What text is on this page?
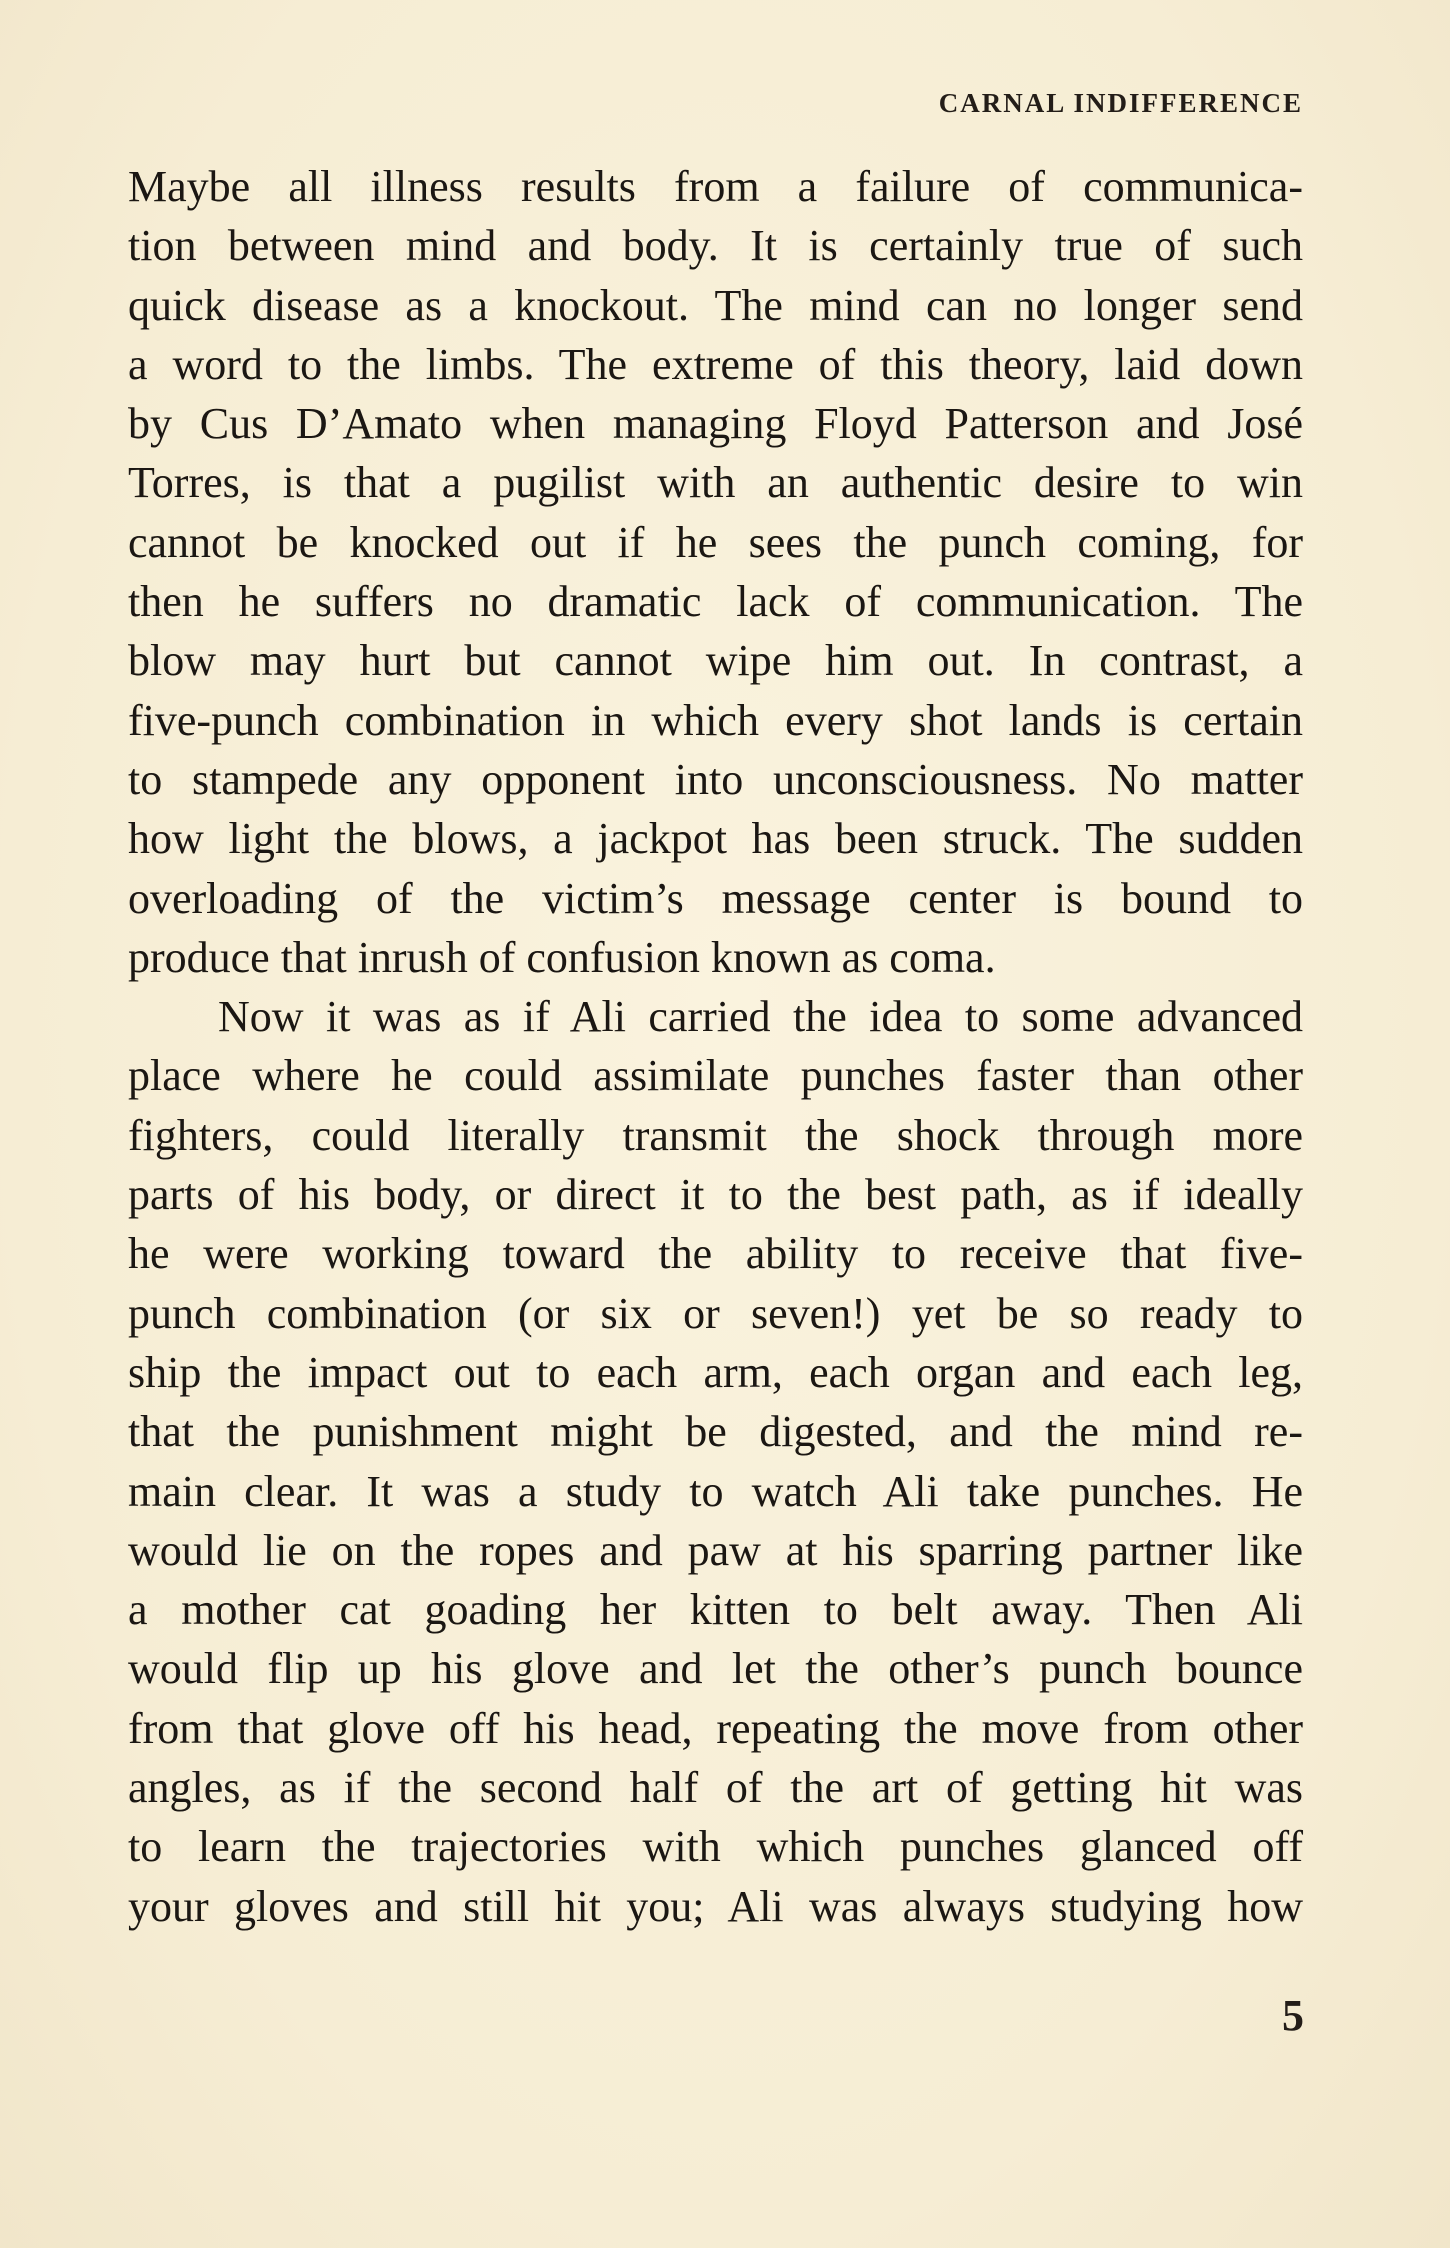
CARNAL INDIFFERENCE
Maybe all illness results from a failure of communica-
tion between mind and body. It is certainly true of such
quick disease as a knockout. The mind can no longer send
a word to the limbs. The extreme of this theory, laid down
by Cus D’Amato when managing Floyd Patterson and José
Torres, is that a pugilist with an authentic desire to win
cannot be knocked out if he sees the punch coming, for
then he suffers no dramatic lack of communication. The
blow may hurt but cannot wipe him out. In contrast, a
five-punch combination in which every shot lands is certain
to stampede any opponent into unconsciousness. No matter
how light the blows, a jackpot has been struck. The sudden
overloading of the victim’s message center is bound to
produce that inrush of confusion known as coma.
Now it was as if Ali carried the idea to some advanced
place where he could assimilate punches faster than other
fighters, could literally transmit the shock through more
parts of his body, or direct it to the best path, as if ideally
he were working toward the ability to receive that five-
punch combination (or six or seven!) yet be so ready to
ship the impact out to each arm, each organ and each leg,
that the punishment might be digested, and the mind re-
main clear. It was a study to watch Ali take punches. He
would lie on the ropes and paw at his sparring partner like
a mother cat goading her kitten to belt away. Then Ali
would flip up his glove and let the other’s punch bounce
from that glove off his head, repeating the move from other
angles, as if the second half of the art of getting hit was
to learn the trajectories with which punches glanced off
your gloves and still hit you; Ali was always studying how
5
